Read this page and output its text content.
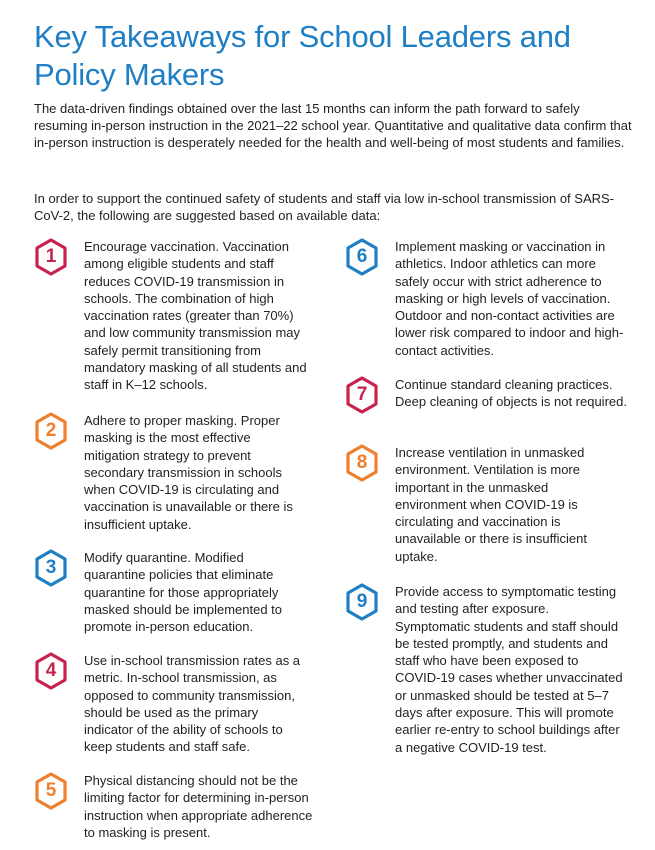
Key Takeaways for School Leaders and Policy Makers

The data-driven findings obtained over the last 15 months can inform the path forward to safely resuming in-person instruction in the 2021–22 school year. Quantitative and qualitative data confirm that in-person instruction is desperately needed for the health and well-being of most students and families.

In order to support the continued safety of students and staff via low in-school transmission of SARS-CoV-2, the following are suggested based on available data:

1	Encourage vaccination. Vaccination among eligible students and staff reduces COVID-19 transmission in schools. The combination of high vaccination rates (greater than 70%) and low community transmission may safely permit transitioning from mandatory masking of all students and staff in K–12 schools.

2	Adhere to proper masking. Proper masking is the most effective mitigation strategy to prevent secondary transmission in schools when COVID-19 is circulating and vaccination is unavailable or there is insufficient uptake.

3	Modify quarantine. Modified quarantine policies that eliminate quarantine for those appropriately masked should be implemented to promote in-person education.

4	Use in-school transmission rates as a metric. In-school transmission, as opposed to community transmission, should be used as the primary indicator of the ability of schools to keep students and staff safe.

5	Physical distancing should not be the limiting factor for determining in-person instruction when appropriate adherence to masking is present.

6	Implement masking or vaccination in athletics. Indoor athletics can more safely occur with strict adherence to masking or high levels of vaccination. Outdoor and non-contact activities are lower risk compared to indoor and high-contact activities.

7	Continue standard cleaning practices. Deep cleaning of objects is not required.

8	Increase ventilation in unmasked environment. Ventilation is more important in the unmasked environment when COVID-19 is circulating and vaccination is unavailable or there is insufficient uptake.

9	Provide access to symptomatic testing and testing after exposure. Symptomatic students and staff should be tested promptly, and students and staff who have been exposed to COVID-19 cases whether unvaccinated or unmasked should be tested at 5–7 days after exposure. This will promote earlier re-entry to school buildings after a negative COVID-19 test.
